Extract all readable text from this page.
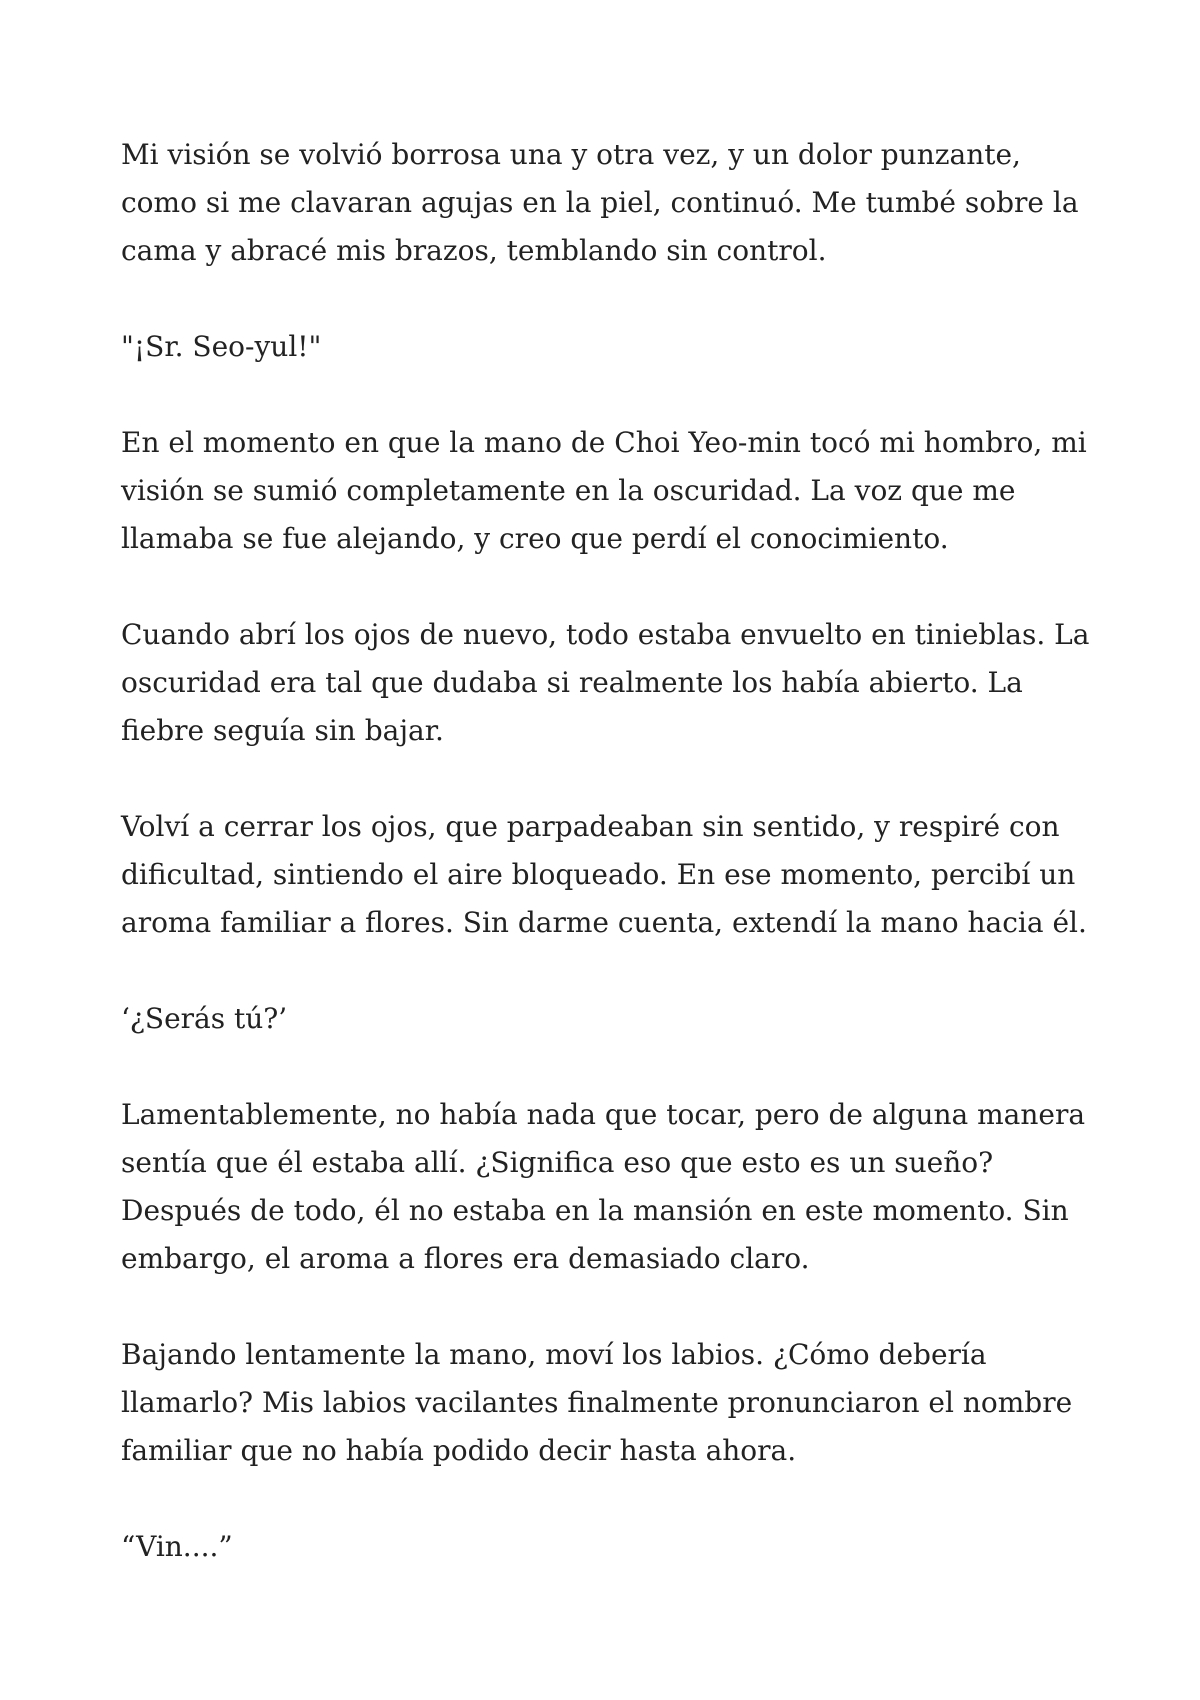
Mi visión se volvió borrosa una y otra vez, y un dolor punzante, como si me clavaran agujas en la piel, continuó. Me tumbé sobre la cama y abracé mis brazos, temblando sin control.

"¡Sr. Seo-yul!"

En el momento en que la mano de Choi Yeo-min tocó mi hombro, mi visión se sumió completamente en la oscuridad. La voz que me llamaba se fue alejando, y creo que perdí el conocimiento.

Cuando abrí los ojos de nuevo, todo estaba envuelto en tinieblas. La oscuridad era tal que dudaba si realmente los había abierto. La fiebre seguía sin bajar.

Volví a cerrar los ojos, que parpadeaban sin sentido, y respiré con dificultad, sintiendo el aire bloqueado. En ese momento, percibí un aroma familiar a flores. Sin darme cuenta, extendí la mano hacia él.

‘¿Serás tú?’

Lamentablemente, no había nada que tocar, pero de alguna manera sentía que él estaba allí. ¿Significa eso que esto es un sueño? Después de todo, él no estaba en la mansión en este momento. Sin embargo, el aroma a flores era demasiado claro.

Bajando lentamente la mano, moví los labios. ¿Cómo debería llamarlo? Mis labios vacilantes finalmente pronunciaron el nombre familiar que no había podido decir hasta ahora.

“Vin....”
